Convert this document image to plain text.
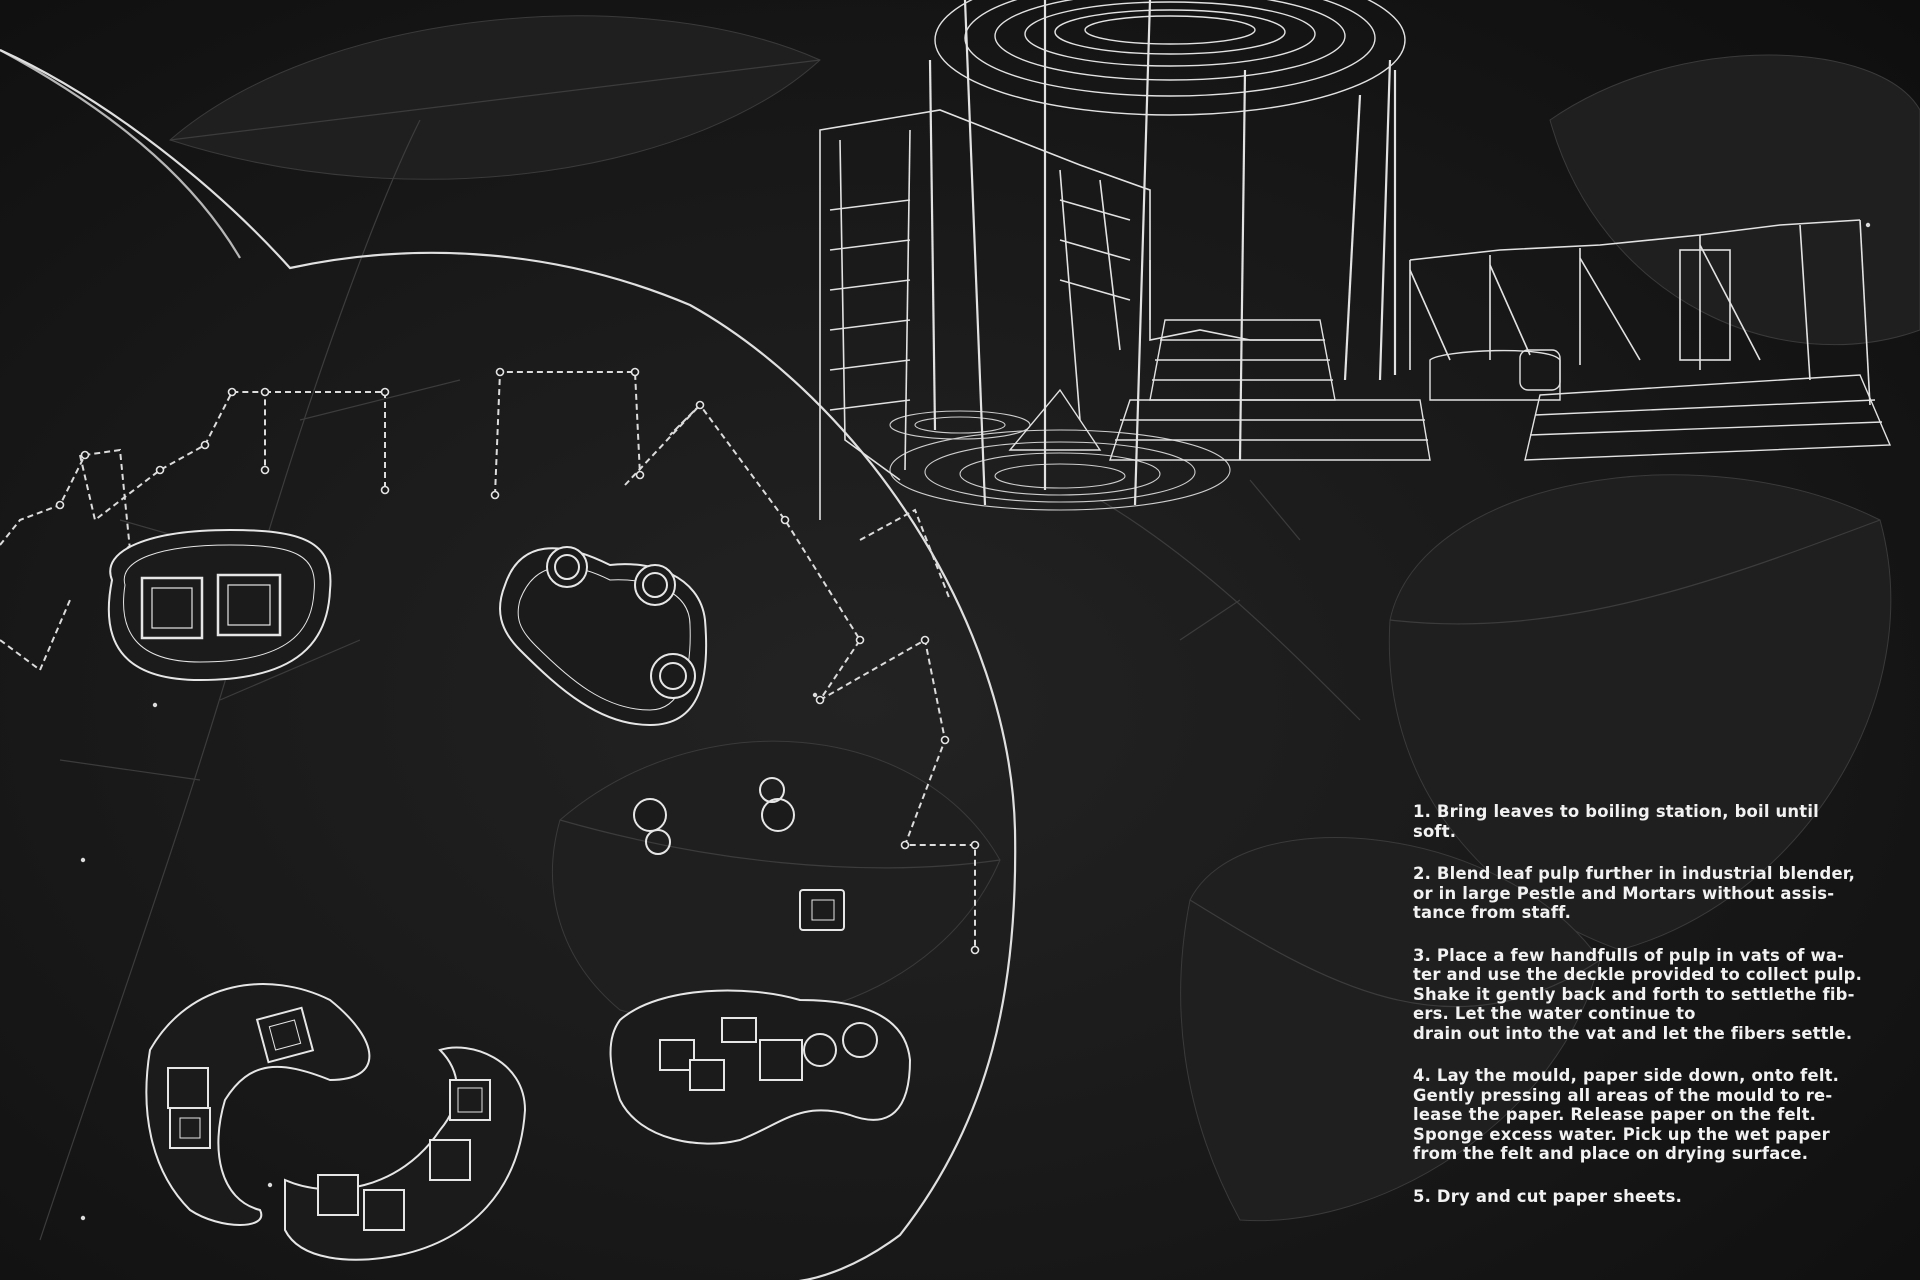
1. Bring leaves to boiling station, boil until
soft.

2. Blend leaf pulp further in industrial blender,
or in large Pestle and Mortars without assis-
tance from staff.

3. Place a few handfulls of pulp in vats of wa-
ter and use the deckle provided to collect pulp.
Shake it gently back and forth to settlethe fib-
ers. Let the water continue to
drain out into the vat and let the fibers settle.

4. Lay the mould, paper side down, onto felt.
Gently pressing all areas of the mould to re-
lease the paper. Release paper on the felt.
Sponge excess water. Pick up the wet paper
from the felt and place on drying surface.

5. Dry and cut paper sheets.
